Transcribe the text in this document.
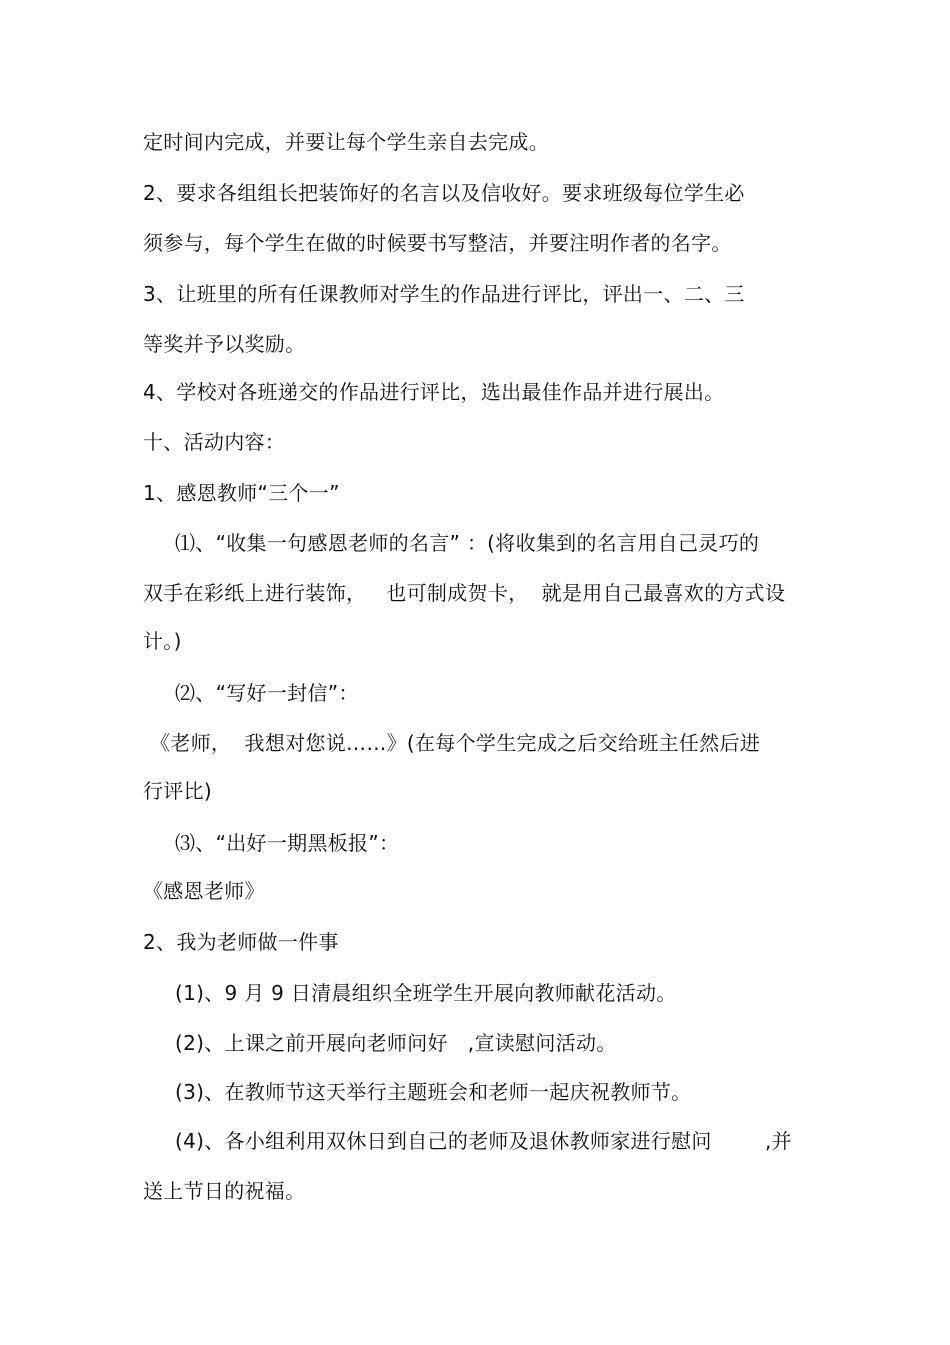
定时间内完成，并要让每个学生亲自去完成。
2、要求各组组长把装饰好的名言以及信收好。要求班级每位学生必
须参与，每个学生在做的时候要书写整洁，并要注明作者的名字。
3、让班里的所有任课教师对学生的作品进行评比，评出一、二、三
等奖并予以奖励。
4、学校对各班递交的作品进行评比，选出最佳作品并进行展出。
十、活动内容：
1、感恩教师“三个一”
⑴、“收集一句感恩老师的名言” ：(将收集到的名言用自己灵巧的
双手在彩纸上进行装饰，   也可制成贺卡，  就是用自己最喜欢的方式设
计。)
⑵、“写好一封信”：
《老师，  我想对您说……》(在每个学生完成之后交给班主任然后进
行评比)
⑶、“出好一期黑板报”：
《感恩老师》
2、我为老师做一件事
(1)、9 月 9 日清晨组织全班学生开展向教师献花活动。
(2)、上课之前开展向老师问好   ,宣读慰问活动。
(3)、在教师节这天举行主题班会和老师一起庆祝教师节。
(4)、各小组利用双休日到自己的老师及退休教师家进行慰问        ,并
送上节日的祝福。
